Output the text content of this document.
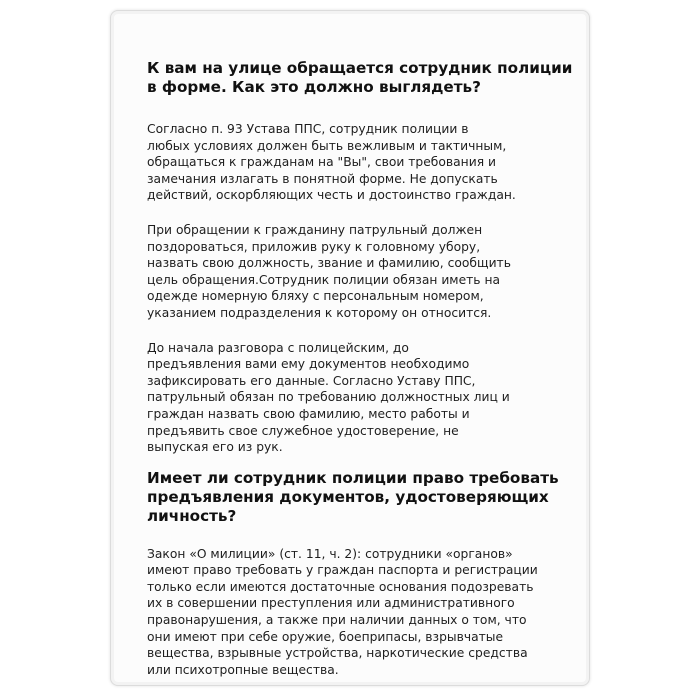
К вам на улице обращается сотрудник полиции
в форме. Как это должно выглядеть?
Согласно п. 93 Устава ППС, сотрудник полиции в
любых условиях должен быть вежливым и тактичным,
обращаться к гражданам на "Вы", свои требования и
замечания излагать в понятной форме. Не допускать
действий, оскорбляющих честь и достоинство граждан.
При обращении к гражданину патрульный должен
поздороваться, приложив руку к головному убору,
назвать свою должность, звание и фамилию, сообщить
цель обращения.Сотрудник полиции обязан иметь на
одежде номерную бляху с персональным номером,
указанием подразделения к которому он относится.
До начала разговора с полицейским, до
предъявления вами ему документов необходимо
зафиксировать его данные. Согласно Уставу ППС,
патрульный обязан по требованию должностных лиц и
граждан назвать свою фамилию, место работы и
предъявить свое служебное удостоверение, не
выпуская его из рук.
Имеет ли сотрудник полиции право требовать
предъявления документов, удостоверяющих
личность?
Закон «О милиции» (ст. 11, ч. 2): сотрудники «органов»
имеют право требовать у граждан паспорта и регистрации
только если имеются достаточные основания подозревать
их в совершении преступления или административного
правонарушения, а также при наличии данных о том, что
они имеют при себе оружие, боеприпасы, взрывчатые
вещества, взрывные устройства, наркотические средства
или психотропные вещества.
